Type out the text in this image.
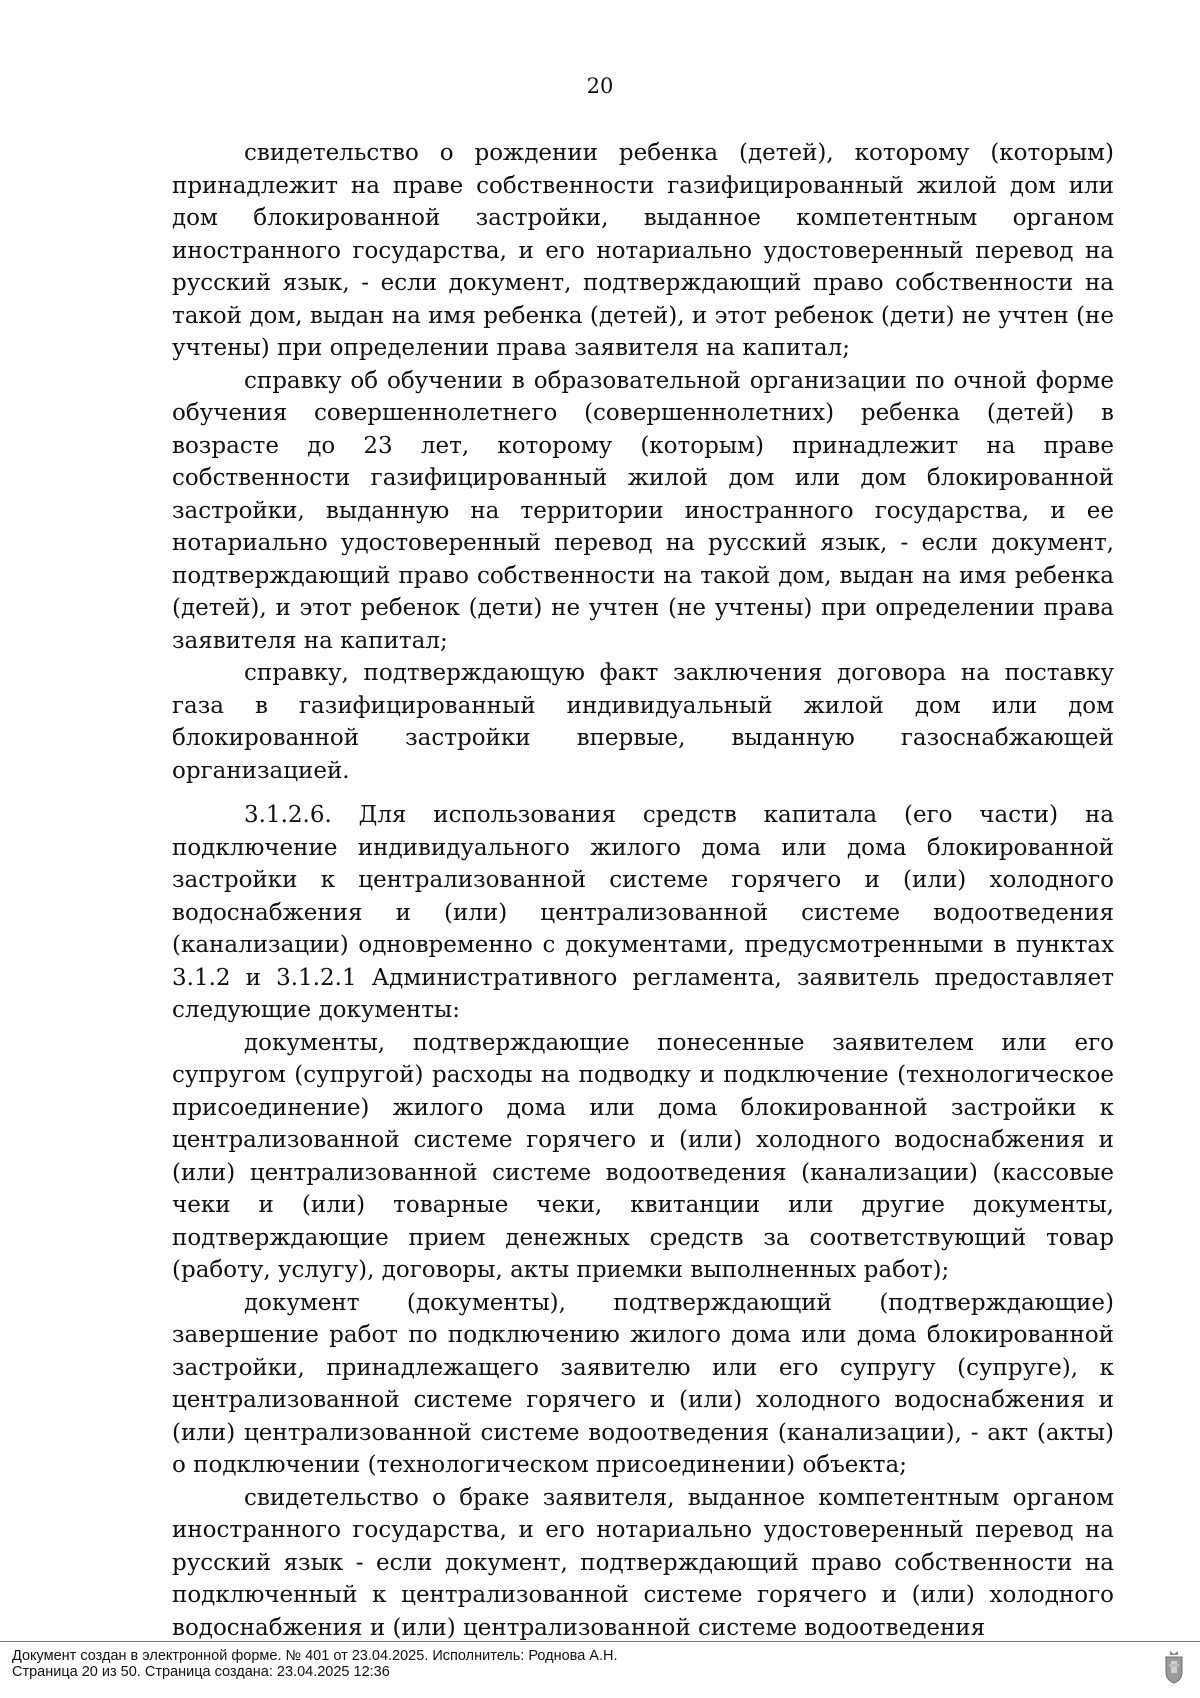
20

свидетельство о рождении ребенка (детей), которому (которым) принадлежит на праве собственности газифицированный жилой дом или дом блокированной застройки, выданное компетентным органом иностранного государства, и его нотариально удостоверенный перевод на русский язык, - если документ, подтверждающий право собственности на такой дом, выдан на имя ребенка (детей), и этот ребенок (дети) не учтен (не учтены) при определении права заявителя на капитал;

справку об обучении в образовательной организации по очной форме обучения совершеннолетнего (совершеннолетних) ребенка (детей) в возрасте до 23 лет, которому (которым) принадлежит на праве собственности газифицированный жилой дом или дом блокированной застройки, выданную на территории иностранного государства, и ее нотариально удостоверенный перевод на русский язык, - если документ, подтверждающий право собственности на такой дом, выдан на имя ребенка (детей), и этот ребенок (дети) не учтен (не учтены) при определении права заявителя на капитал;

справку, подтверждающую факт заключения договора на поставку газа в газифицированный индивидуальный жилой дом или дом блокированной застройки впервые, выданную газоснабжающей организацией.

3.1.2.6. Для использования средств капитала (его части) на подключение индивидуального жилого дома или дома блокированной застройки к централизованной системе горячего и (или) холодного водоснабжения и (или) централизованной системе водоотведения (канализации) одновременно с документами, предусмотренными в пунктах 3.1.2 и 3.1.2.1 Административного регламента, заявитель предоставляет следующие документы:

документы, подтверждающие понесенные заявителем или его супругом (супругой) расходы на подводку и подключение (технологическое присоединение) жилого дома или дома блокированной застройки к централизованной системе горячего и (или) холодного водоснабжения и (или) централизованной системе водоотведения (канализации) (кассовые чеки и (или) товарные чеки, квитанции или другие документы, подтверждающие прием денежных средств за соответствующий товар (работу, услугу), договоры, акты приемки выполненных работ);

документ (документы), подтверждающий (подтверждающие) завершение работ по подключению жилого дома или дома блокированной застройки, принадлежащего заявителю или его супругу (супруге), к централизованной системе горячего и (или) холодного водоснабжения и (или) централизованной системе водоотведения (канализации), - акт (акты) о подключении (технологическом присоединении) объекта;

свидетельство о браке заявителя, выданное компетентным органом иностранного государства, и его нотариально удостоверенный перевод на русский язык - если документ, подтверждающий право собственности на подключенный к централизованной системе горячего и (или) холодного водоснабжения и (или) централизованной системе водоотведения

Документ создан в электронной форме. № 401 от 23.04.2025. Исполнитель: Роднова А.Н.
Страница 20 из 50. Страница создана: 23.04.2025 12:36
